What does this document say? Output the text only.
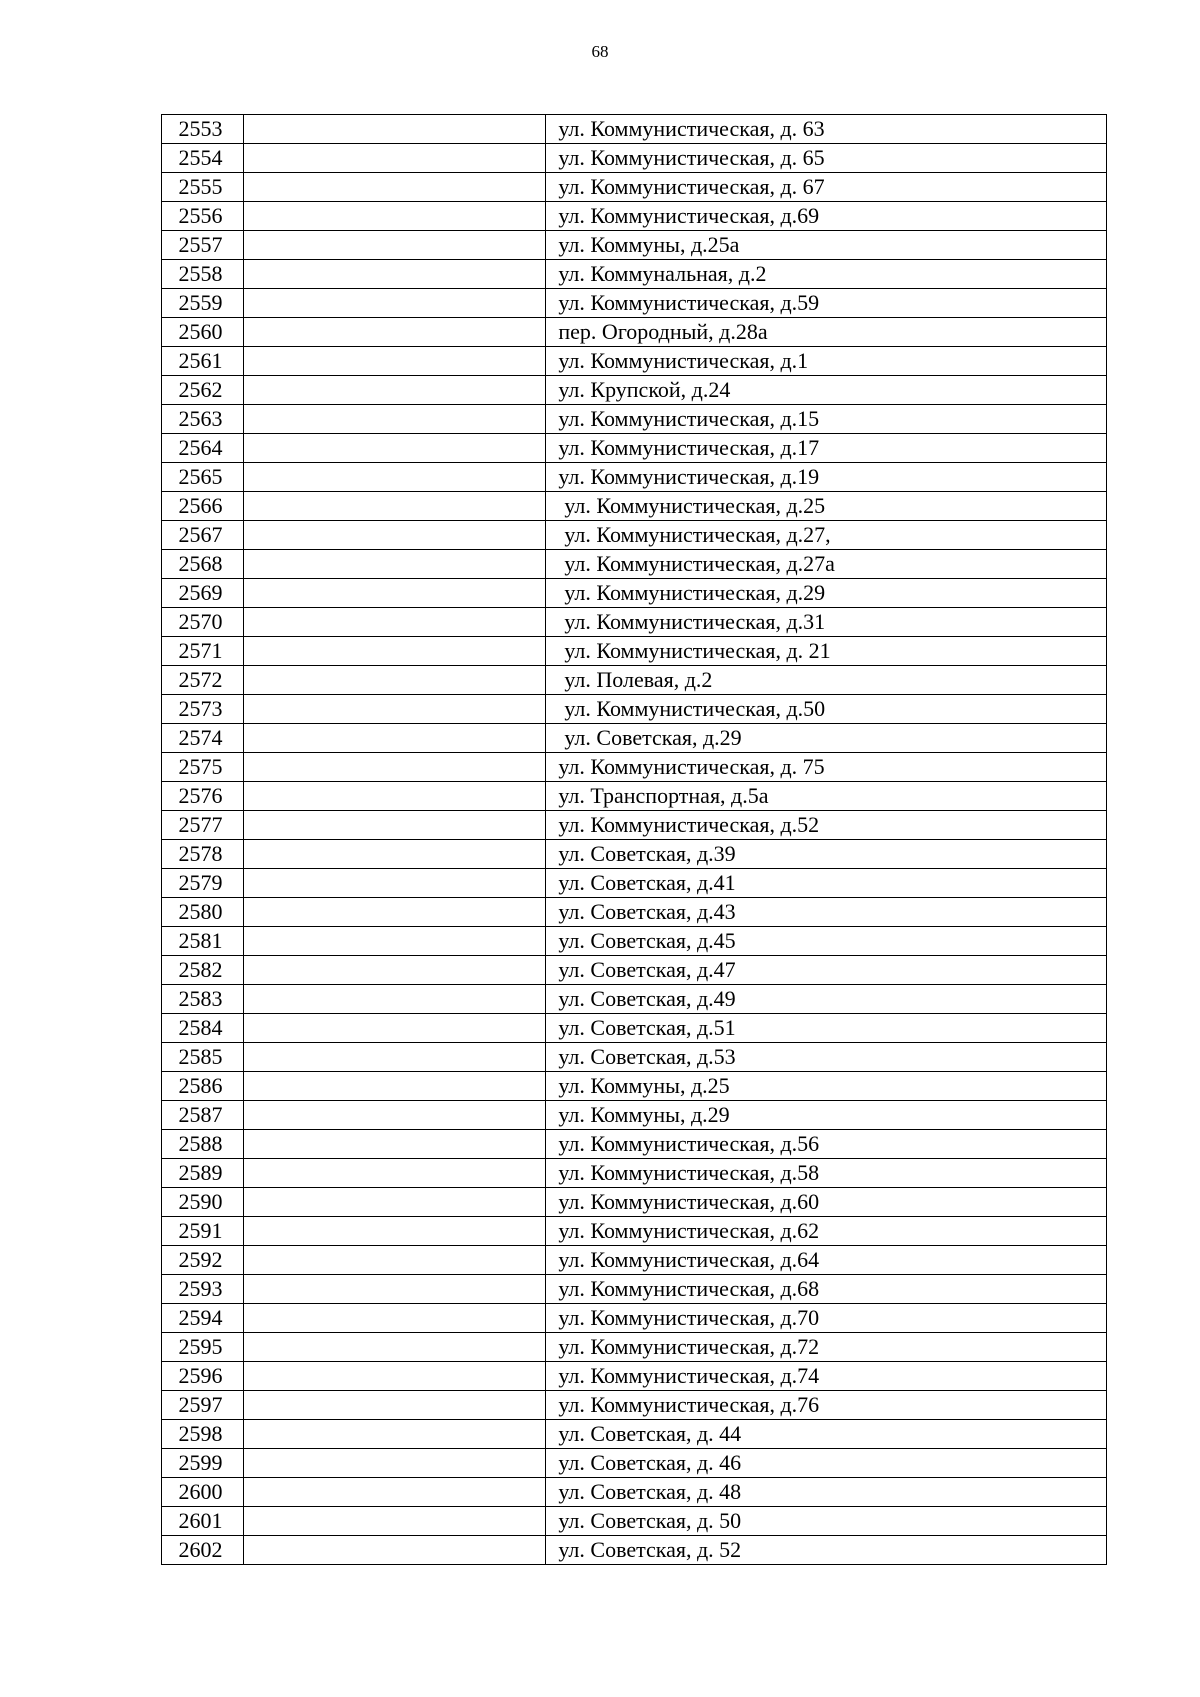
68
2553		ул. Коммунистическая, д. 63
2554		ул. Коммунистическая, д. 65
2555		ул. Коммунистическая, д. 67
2556		ул. Коммунистическая, д.69
2557		ул. Коммуны, д.25а
2558		ул. Коммунальная, д.2
2559		ул. Коммунистическая, д.59
2560		пер. Огородный, д.28а
2561		ул. Коммунистическая, д.1
2562		ул. Крупской, д.24
2563		ул. Коммунистическая, д.15
2564		ул. Коммунистическая, д.17
2565		ул. Коммунистическая, д.19
2566		ул. Коммунистическая, д.25
2567		ул. Коммунистическая, д.27,
2568		ул. Коммунистическая, д.27а
2569		ул. Коммунистическая, д.29
2570		ул. Коммунистическая, д.31
2571		ул. Коммунистическая, д. 21
2572		ул. Полевая, д.2
2573		ул. Коммунистическая, д.50
2574		ул. Советская, д.29
2575		ул. Коммунистическая, д. 75
2576		ул. Транспортная, д.5а
2577		ул. Коммунистическая, д.52
2578		ул. Советская, д.39
2579		ул. Советская, д.41
2580		ул. Советская, д.43
2581		ул. Советская, д.45
2582		ул. Советская, д.47
2583		ул. Советская, д.49
2584		ул. Советская, д.51
2585		ул. Советская, д.53
2586		ул. Коммуны, д.25
2587		ул. Коммуны, д.29
2588		ул. Коммунистическая, д.56
2589		ул. Коммунистическая, д.58
2590		ул. Коммунистическая, д.60
2591		ул. Коммунистическая, д.62
2592		ул. Коммунистическая, д.64
2593		ул. Коммунистическая, д.68
2594		ул. Коммунистическая, д.70
2595		ул. Коммунистическая, д.72
2596		ул. Коммунистическая, д.74
2597		ул. Коммунистическая, д.76
2598		ул. Советская, д. 44
2599		ул. Советская, д. 46
2600		ул. Советская, д. 48
2601		ул. Советская, д. 50
2602		ул. Советская, д. 52
